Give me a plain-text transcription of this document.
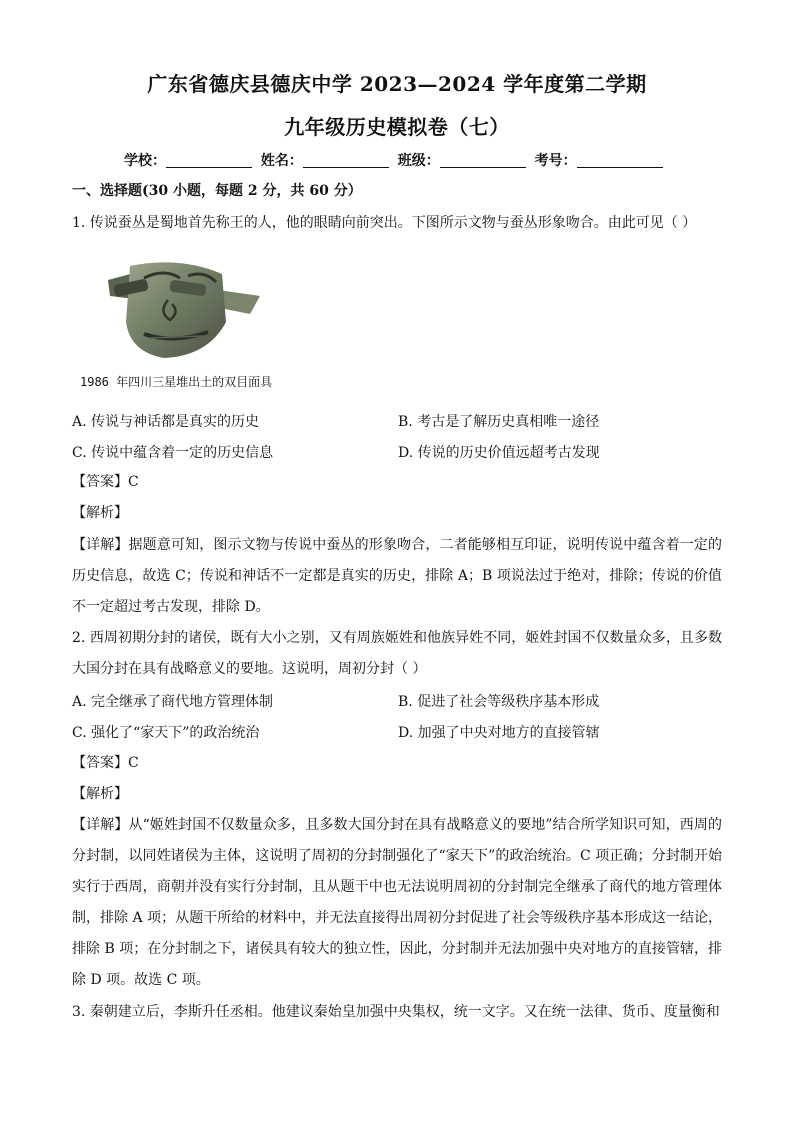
广东省德庆县德庆中学 2023—2024 学年度第二学期
九年级历史模拟卷（七）
学校：	姓名：	班级：	考号：
一、选择题(30 小题，每题 2 分，共 60 分）
1. 传说蚕丛是蜀地首先称王的人，他的眼睛向前突出。下图所示文物与蚕丛形象吻合。由此可见（ ）
1986 年四川三星堆出土的双目面具
A. 传说与神话都是真实的历史	B. 考古是了解历史真相唯一途径
C. 传说中蕴含着一定的历史信息	D. 传说的历史价值远超考古发现
【答案】C
【解析】
【详解】据题意可知，图示文物与传说中蚕丛的形象吻合，二者能够相互印证，说明传说中蕴含着一定的历史信息，故选 C；传说和神话不一定都是真实的历史，排除 A；B 项说法过于绝对，排除；传说的价值不一定超过考古发现，排除 D。
2. 西周初期分封的诸侯，既有大小之别，又有周族姬姓和他族异姓不同，姬姓封国不仅数量众多，且多数大国分封在具有战略意义的要地。这说明，周初分封（ ）
A. 完全继承了商代地方管理体制	B. 促进了社会等级秩序基本形成
C. 强化了“家天下”的政治统治	D. 加强了中央对地方的直接管辖
【答案】C
【解析】
【详解】从“姬姓封国不仅数量众多，且多数大国分封在具有战略意义的要地”结合所学知识可知，西周的分封制，以同姓诸侯为主体，这说明了周初的分封制强化了“家天下”的政治统治。C 项正确；分封制开始实行于西周，商朝并没有实行分封制，且从题干中也无法说明周初的分封制完全继承了商代的地方管理体制，排除 A 项；从题干所给的材料中，并无法直接得出周初分封促进了社会等级秩序基本形成这一结论，排除 B 项；在分封制之下，诸侯具有较大的独立性，因此，分封制并无法加强中央对地方的直接管辖，排除 D 项。故选 C 项。
3. 秦朝建立后，李斯升任丞相。他建议秦始皇加强中央集权，统一文字。又在统一法律、货币、度量衡和
